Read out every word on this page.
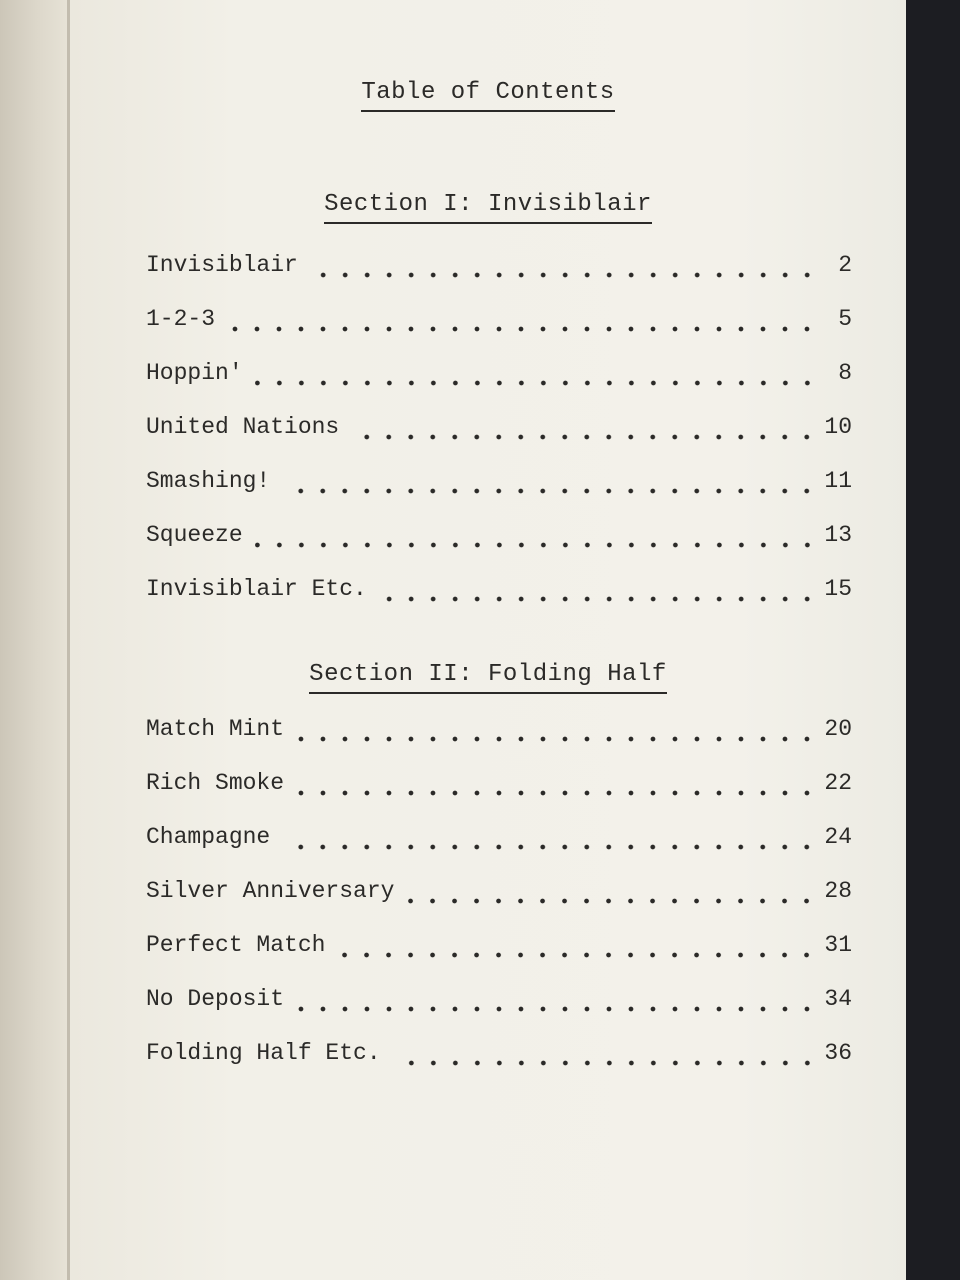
Table of Contents
Section I: Invisiblair
Invisiblair	2
1-2-3	5
Hoppin'	8
United Nations	10
Smashing!	11
Squeeze	13
Invisiblair Etc.	15
Section II: Folding Half
Match Mint	20
Rich Smoke	22
Champagne	24
Silver Anniversary	28
Perfect Match	31
No Deposit	34
Folding Half Etc.	36
